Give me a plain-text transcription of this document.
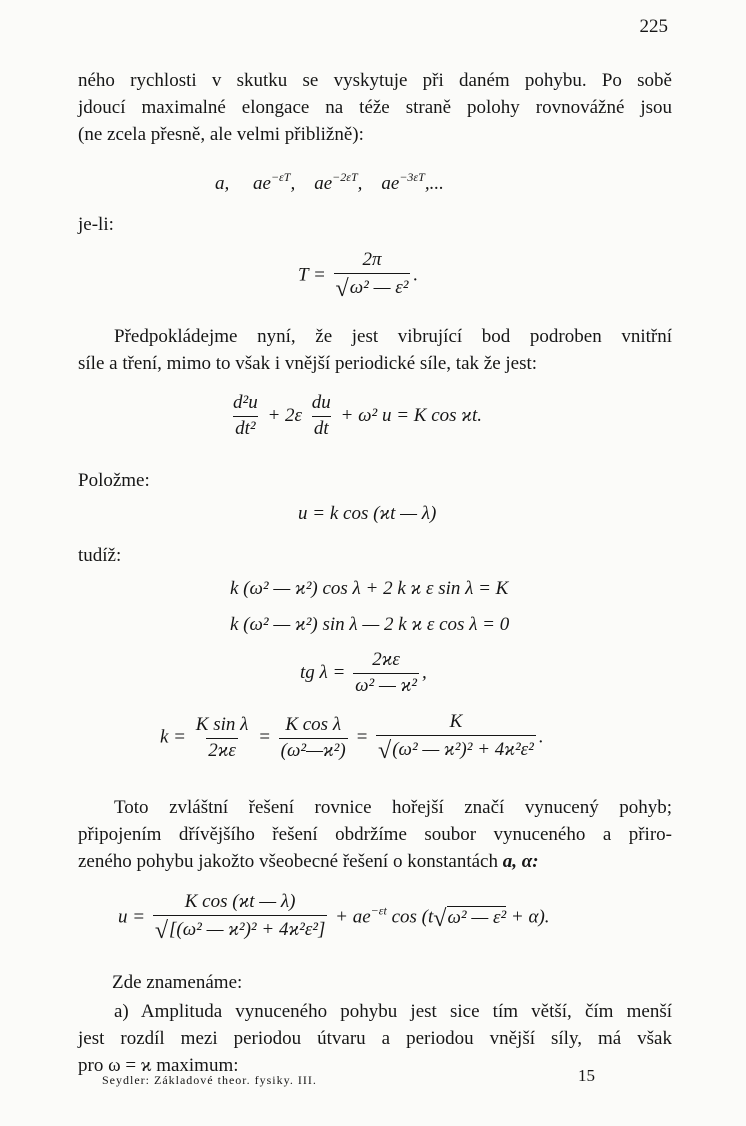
225
ného rychlosti v skutku se vyskytuje při daném pohybu. Po sobě
jdoucí maximalné elongace na téže straně polohy rovnovážné jsou
(ne zcela přesně, ale velmi přibližně):
a, $ae^{-\varepsilon T}$,    $ae^{-2\varepsilon T}$,    $ae^{-3\varepsilon T}$,...
je-li:
$T = \frac{2\pi}{\text{√ω² — ε²}}$ .
Předpokládejme nyní, že jest vibrující bod podroben vnitřní
síle a tření, mimo to však i vnější periodické síle, tak že jest:
$\frac{\text{d²u}}{\text{dt²}} + 2\varepsilon \frac{du}{dt} + \omega^2$ u = K cos ϰt.
Položme:
u = k cos (ϰt — λ)
tudíž:
k (ω² — ϰ²) cos λ + 2 k ϰ ε sin λ = K
k (ω² — ϰ²) sin λ — 2 k ϰ ε cos λ = 0
tg $\lambda = \frac{2ϰ\varepsilon}{\text{ω² — ϰ²}}$ ,
$k = \frac{\text{K sin λ}}{2ϰ\varepsilon} = \frac{\text{K cos λ}}{\text{(ω²—ϰ²)}} = \frac{K}{\text{√(ω² — ϰ²)² + 4ϰ²ε²}}$ .
Toto zvláštní řešení rovnice hořejší značí vynucený pohyb;
připojením dřívějšího řešení obdržíme soubor vynuceného a přiro-
zeného pohybu jakožto všeobecné řešení o konstantách a, α:
$u = \frac{\text{K cos (ϰt — λ)}}{\text{√[(ω² — ϰ²)² + 4ϰ²ε²]}} + ae^{-\varepsilon t}$ cos (t√ω² — ε² + α).
Zde znamenáme:
a) Amplituda vynuceného pohybu jest sice tím větší, čím menší
jest rozdíl mezi periodou útvaru a periodou vnější síly, má však
pro ω = ϰ maximum:
Seydler: Základové theor. fysiky. III.	15
